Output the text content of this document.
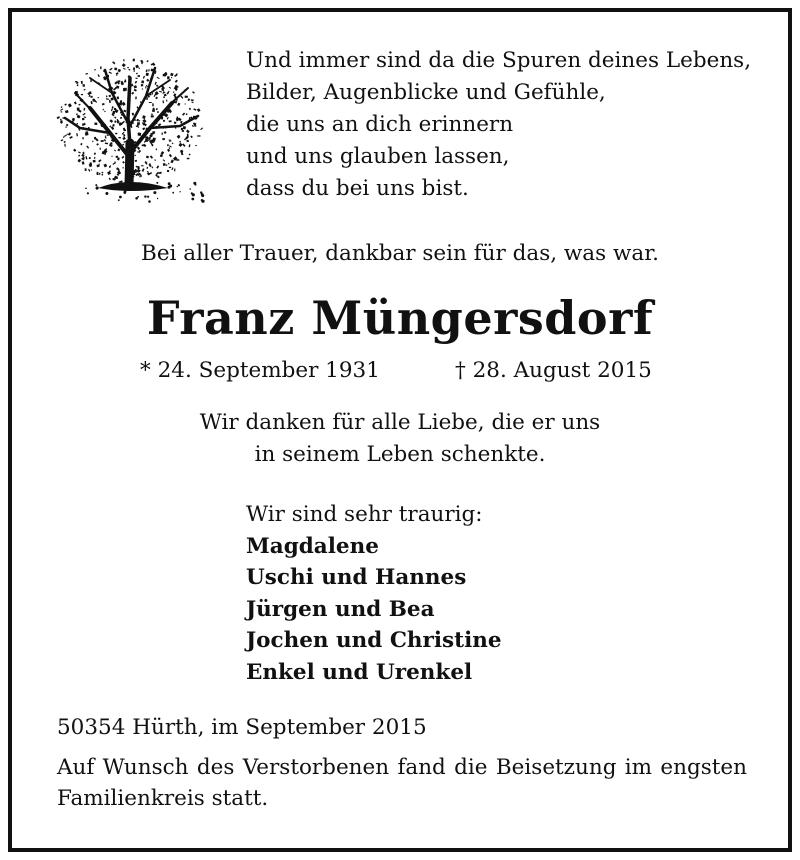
Und immer sind da die Spuren deines Lebens,
Bilder, Augenblicke und Gefühle,
die uns an dich erinnern
und uns glauben lassen,
dass du bei uns bist.
Bei aller Trauer, dankbar sein für das, was war.
Franz Müngersdorf
* 24. September 1931	† 28. August 2015
Wir danken für alle Liebe, die er uns
in seinem Leben schenkte.
Wir sind sehr traurig:
Magdalene
Uschi und Hannes
Jürgen und Bea
Jochen und Christine
Enkel und Urenkel
50354 Hürth, im September 2015
Auf Wunsch des Verstorbenen fand die Beisetzung im engsten Familienkreis statt.
